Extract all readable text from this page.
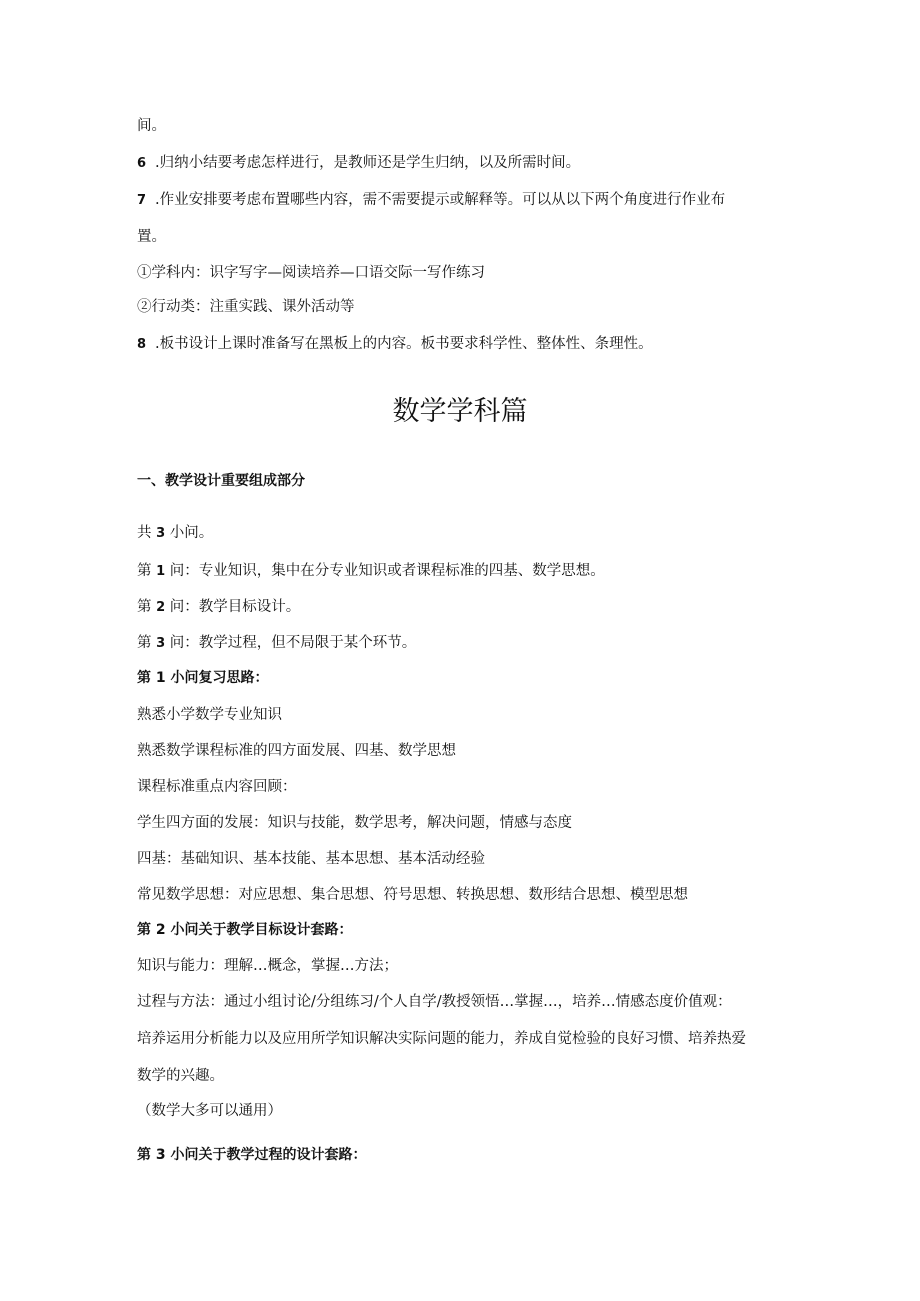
间。
6 .归纳小结要考虑怎样进行，是教师还是学生归纳，以及所需时间。
7 .作业安排要考虑布置哪些内容，需不需要提示或解释等。可以从以下两个角度进行作业布
置。
①学科内：识字写字—阅读培养—口语交际一写作练习
②行动类：注重实践、课外活动等
8 .板书设计上课时准备写在黑板上的内容。板书要求科学性、整体性、条理性。
数学学科篇
一、教学设计重要组成部分
共 3 小问。
第 1 问：专业知识，集中在分专业知识或者课程标准的四基、数学思想。
第 2 问：教学目标设计。
第 3 问：教学过程，但不局限于某个环节。
第 1 小问复习思路：
熟悉小学数学专业知识
熟悉数学课程标准的四方面发展、四基、数学思想
课程标准重点内容回顾：
学生四方面的发展：知识与技能，数学思考，解决问题，情感与态度
四基：基础知识、基本技能、基本思想、基本活动经验
常见数学思想：对应思想、集合思想、符号思想、转换思想、数形结合思想、模型思想
第 2 小问关于教学目标设计套路：
知识与能力：理解…概念，掌握…方法；
过程与方法：通过小组讨论/分组练习/个人自学/教授领悟…掌握…，培养…情感态度价值观：
培养运用分析能力以及应用所学知识解决实际问题的能力，养成自觉检验的良好习惯、培养热爱
数学的兴趣。
（数学大多可以通用）
第 3 小问关于教学过程的设计套路：
